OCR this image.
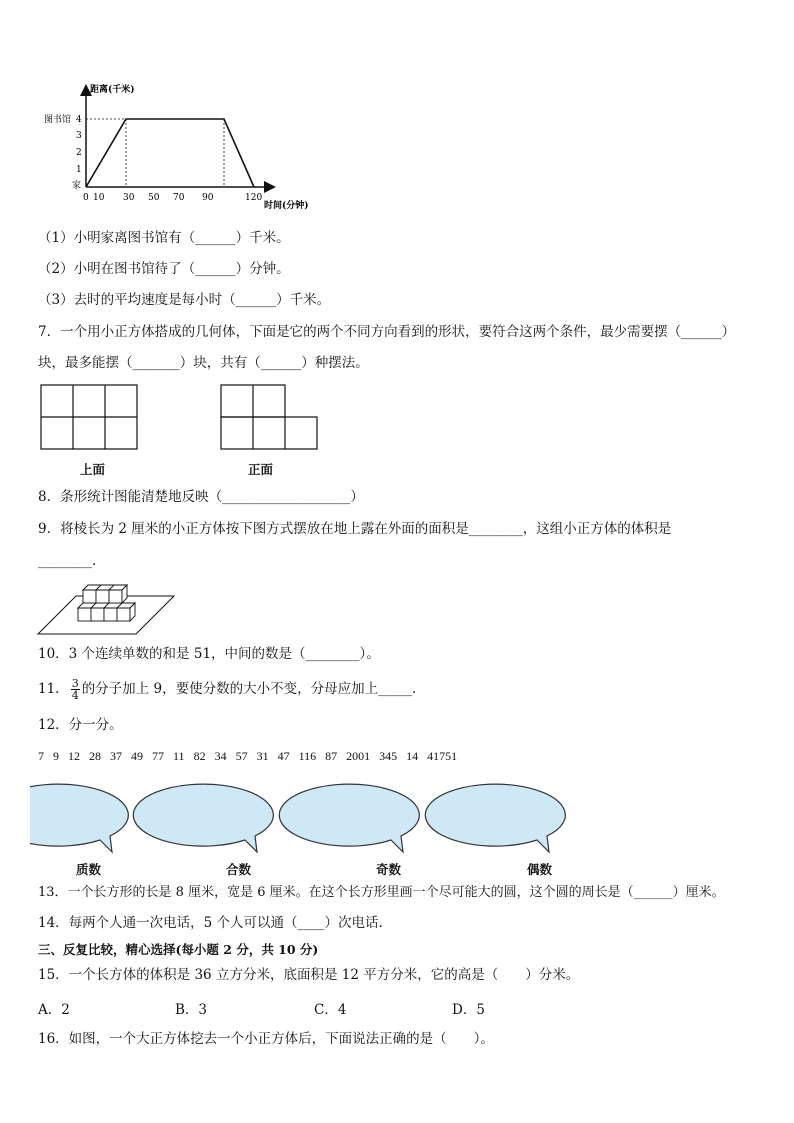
距离(千米)
时间(分钟)
图书馆 4
3
2
1
家
0 10 30 50 70 90	120
（1）小明家离图书馆有（______）千米。
（2）小明在图书馆待了（______）分钟。
（3）去时的平均速度是每小时（______）千米。
7．一个用小正方体搭成的几何体，下面是它的两个不同方向看到的形状，要符合这两个条件，最少需要摆（______）
块，最多能摆（_______）块，共有（______）种摆法。
上面	正面
8．条形统计图能清楚地反映（___________________）
9．将棱长为 2 厘米的小正方体按下图方式摆放在地上露在外面的面积是________，这组小正方体的体积是
________.
10．3 个连续单数的和是 51，中间的数是（________）。
11． $\frac{3}{4}$ 的分子加上 9，要使分数的大小不变，分母应加上_____.
12．分一分。
7 9 12 28 37 49 77 11 82 34 57 31 47 116 87 2001 345 14 41751
质数	合数	奇数	偶数
13．一个长方形的长是 8 厘米，宽是 6 厘米。在这个长方形里画一个尽可能大的圆，这个圆的周长是（______）厘米。
14．每两个人通一次电话，5 个人可以通（____）次电话.
三、反复比较，精心选择(每小题 2 分，共 10 分)
15．一个长方体的体积是 36 立方分米，底面积是 12 平方分米，它的高是（　　）分米。
A．2	B．3	C．4	D．5
16．如图，一个大正方体挖去一个小正方体后，下面说法正确的是（　　）。
